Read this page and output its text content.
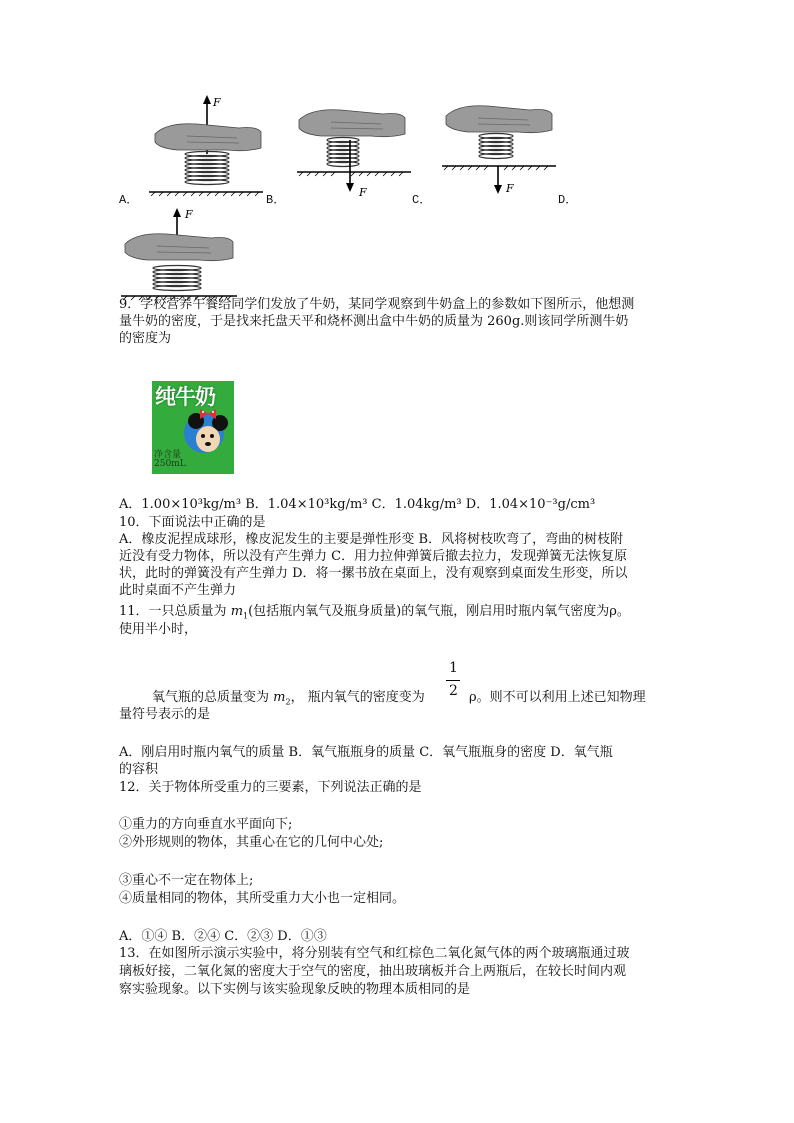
F
F	F
A．	B．	C．	D．
F
9．学校营养午餐给同学们发放了牛奶，某同学观察到牛奶盒上的参数如下图所示，他想测
量牛奶的密度，于是找来托盘天平和烧杯测出盒中牛奶的质量为 260g.则该同学所测牛奶
的密度为
纯牛奶
净含量
250mL
A．1.00×10³kg/m³ B．1.04×10³kg/m³ C．1.04kg/m³ D．1.04×10⁻³g/cm³
10．下面说法中正确的是
A．橡皮泥捏成球形，橡皮泥发生的主要是弹性形变 B．风将树枝吹弯了，弯曲的树枝附
近没有受力物体，所以没有产生弹力 C．用力拉伸弹簧后撤去拉力，发现弹簧无法恢复原
状，此时的弹簧没有产生弹力 D．将一摞书放在桌面上，没有观察到桌面发生形变，所以
此时桌面不产生弹力
11．一只总质量为 $m_1$(包括瓶内氧气及瓶身质量)的氧气瓶，刚启用时瓶内氧气密度为ρ。
使用半小时，
1
2
氧气瓶的总质量变为 $m_2$， 瓶内氧气的密度变为	ρ。则不可以利用上述已知物理
量符号表示的是
A．刚启用时瓶内氧气的质量 B．氧气瓶瓶身的质量 C．氧气瓶瓶身的密度 D．氧气瓶
的容积
12．关于物体所受重力的三要素，下列说法正确的是
①重力的方向垂直水平面向下;
②外形规则的物体，其重心在它的几何中心处;
③重心不一定在物体上;
④质量相同的物体，其所受重力大小也一定相同。
A．①④ B．②④ C．②③ D．①③
13．在如图所示演示实验中，将分别装有空气和红棕色二氧化氮气体的两个玻璃瓶通过玻
璃板好接，二氧化氮的密度大于空气的密度，抽出玻璃板并合上两瓶后，在较长时间内观
察实验现象。以下实例与该实验现象反映的物理本质相同的是
